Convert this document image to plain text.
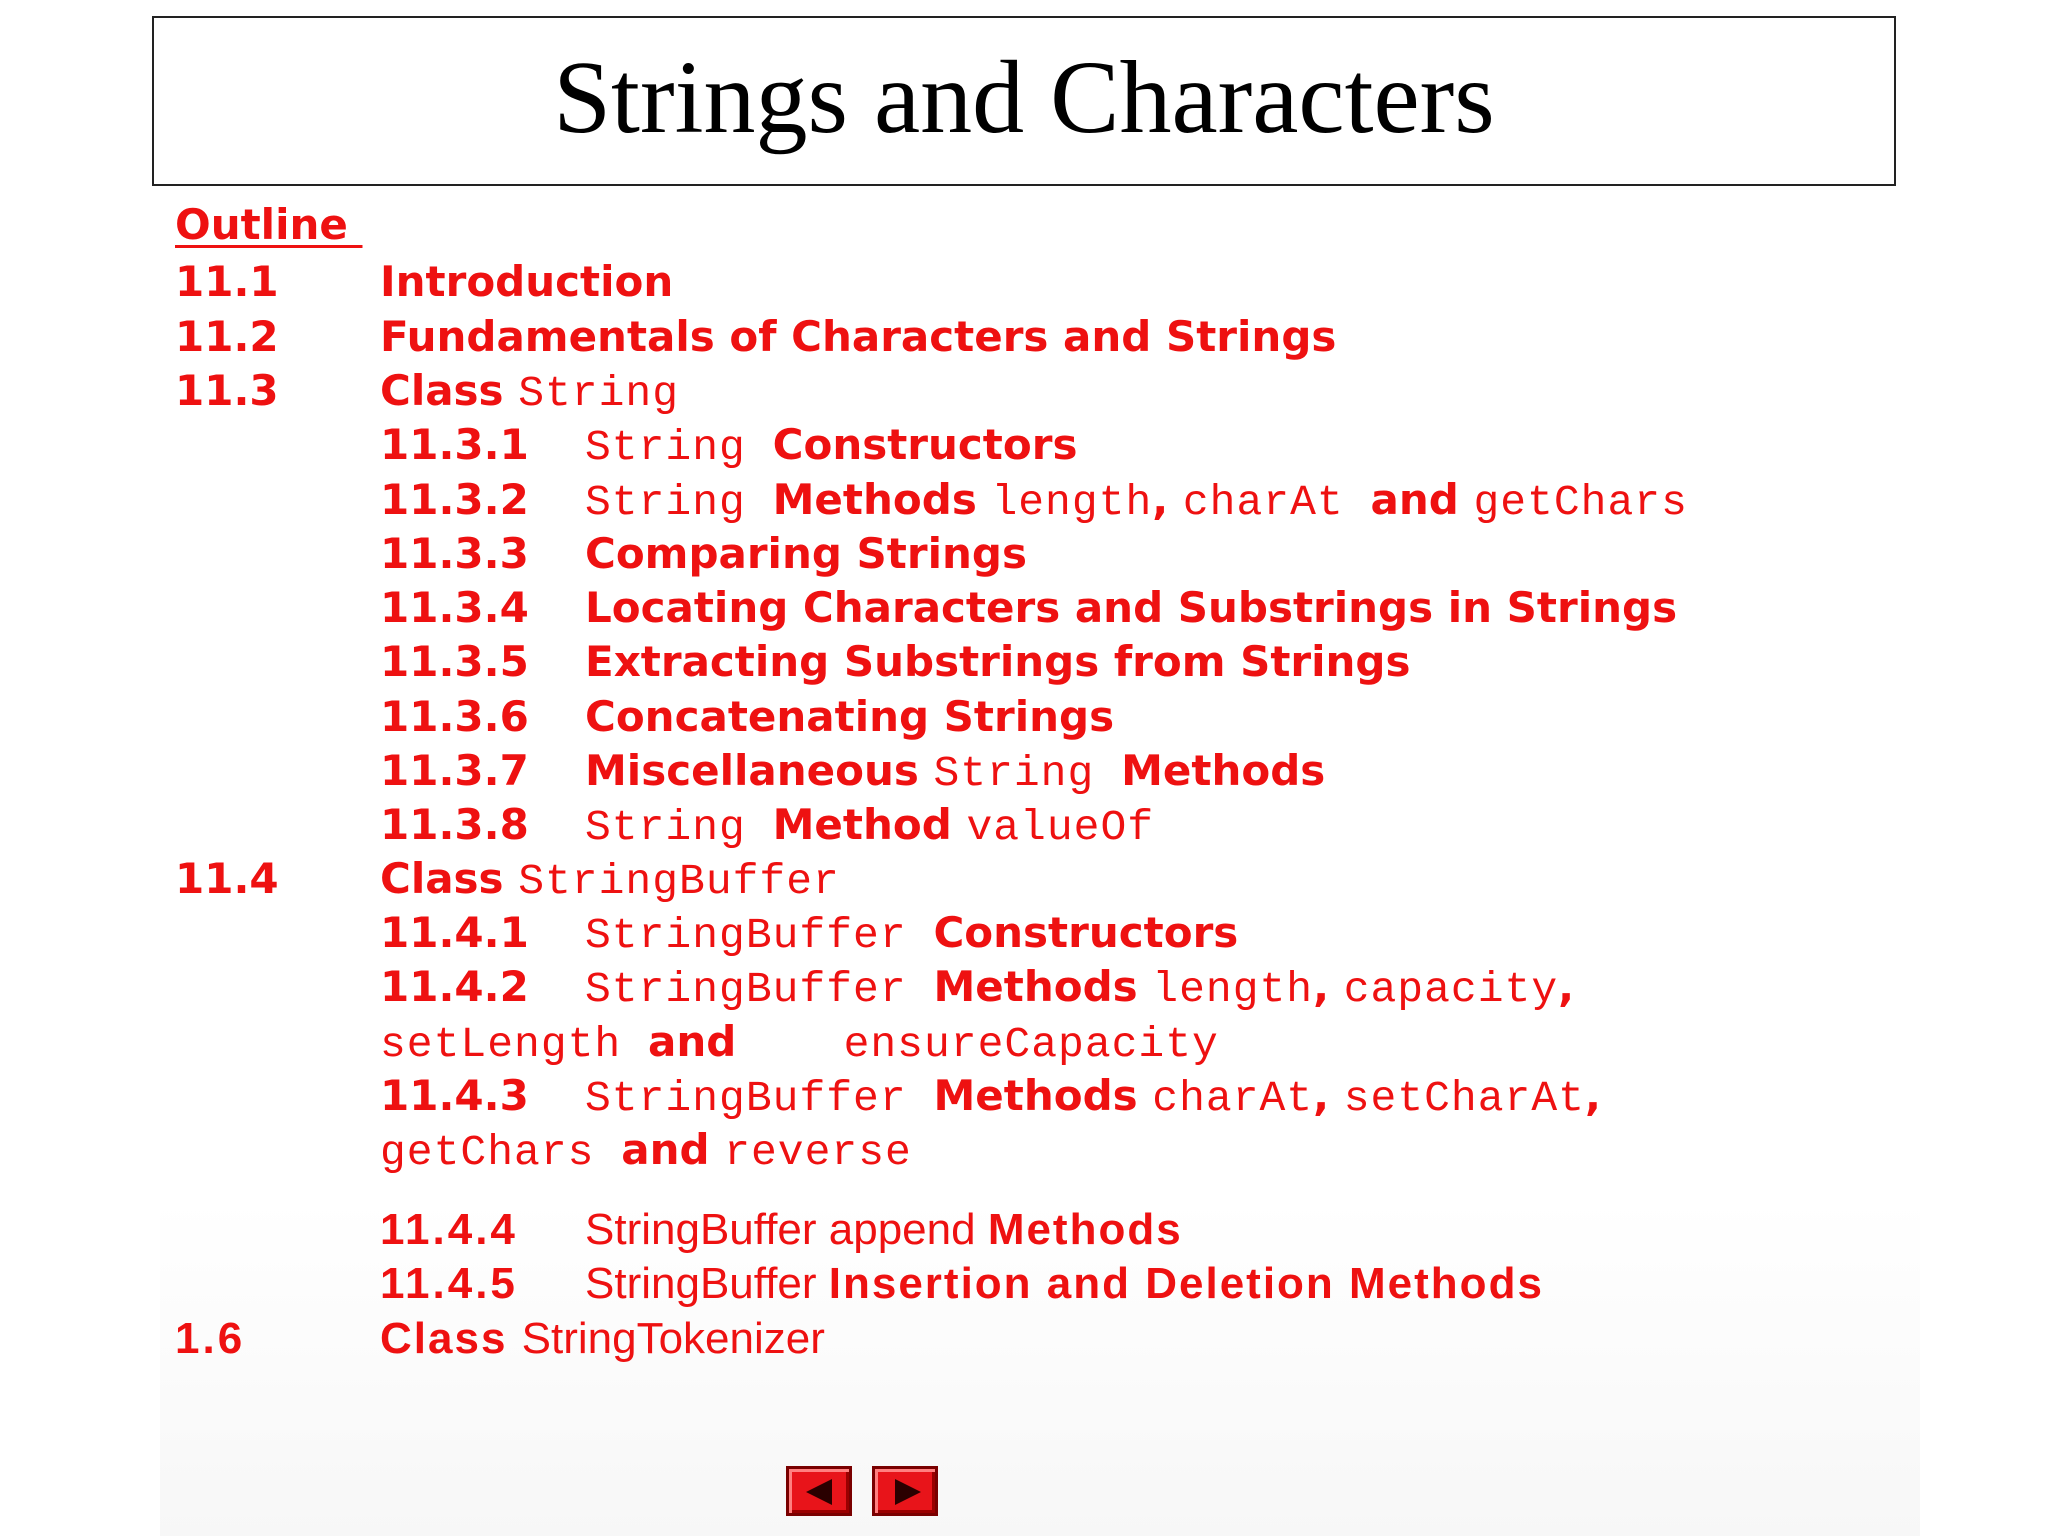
Strings and Characters
Outline
11.1 Introduction
11.2 Fundamentals of Characters and Strings
11.3 Class String
11.3.1 String Constructors
11.3.2 String Methods length, charAt and getChars
11.3.3 Comparing Strings
11.3.4 Locating Characters and Substrings in Strings
11.3.5 Extracting Substrings from Strings
11.3.6 Concatenating Strings
11.3.7 Miscellaneous String Methods
11.3.8 String Method valueOf
11.4 Class StringBuffer
11.4.1 StringBuffer Constructors
11.4.2 StringBuffer Methods length, capacity,
setLength and    ensureCapacity
11.4.3 StringBuffer Methods charAt, setCharAt,
getChars and reverse
11.4.4 StringBuffer append Methods
11.4.5 StringBuffer Insertion and Deletion Methods
1.6	Class StringTokenizer
